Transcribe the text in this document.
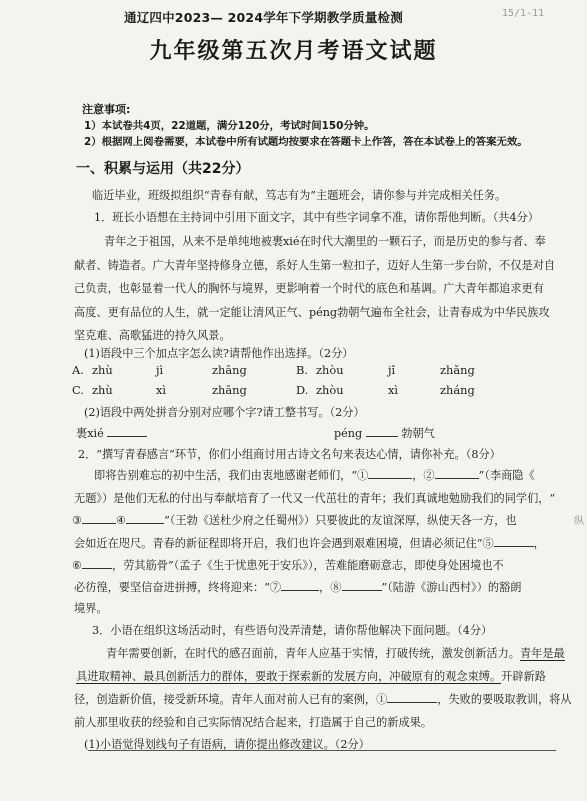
通辽四中2023— 2024学年下学期教学质量检测	15/1-11
九年级第五次月考语文试题
注意事项:
1）本试卷共4页，22道题，满分120分，考试时间150分钟。
2）根据网上阅卷需要，本试卷中所有试题均按要求在答题卡上作答，答在本试卷上的答案无效。
一、积累与运用（共22分）
临近毕业，班级拟组织“青春有献，笃志有为”主题班会，请你参与并完成相关任务。
1．班长小语想在主持词中引用下面文字，其中有些字词拿不准，请你帮他判断。（共4分）
青年之于祖国，从来不是单纯地被裹xié在时代大潮里的一颗石子，而是历史的参与者、奉
献者、铸造者。广大青年坚持修身立德，系好人生第一粒扣子，迈好人生第一步台阶，不仅是对自
己负责，也彰显着一代人的胸怀与境界，更影响着一个时代的底色和基调。广大青年都追求更有
高度、更有品位的人生，就一定能让清风正气、péng勃朝气遍布全社会，让青春成为中华民族攻
坚克难、高歌猛进的持久风景。
(1)语段中三个加点字怎么读?请帮他作出选择。（2分）
A. zhù	jì	zhāng	B. zhòu	jǐ	zhǎng
C. zhù	xì	zhāng	D. zhòu	xì	zháng
(2)语段中两处拼音分别对应哪个字?请工整书写。（2分）
裹xié	péng	勃朝气
2．“撰写青春感言”环节，你们小组商讨用古诗文名句来表达心情，请你补充。（8分）
即将告别难忘的初中生活，我们由衷地感谢老师们，“①	，②	”（李商隐《
无题》）是他们无私的付出与奉献培育了一代又一代茁壮的青年；我们真诚地勉励我们的同学们，“
③	④	”（王勃《送杜少府之任蜀州》）只要彼此的友谊深厚，纵使天各一方，也
会如近在咫尺。青春的新征程即将开启，我们也许会遇到艰难困境，但请必须记住“⑤	，
⑥	，劳其筋骨”（孟子《生于忧患死于安乐》），苦难能磨砺意志，即使身处困境也不
必彷徨，要坚信奋进拼搏，终将迎来：“⑦	，⑧	”（陆游《游山西村》）的豁朗
境界。
3．小语在组织这场活动时，有些语句没弄清楚，请你帮他解决下面问题。（4分）
青年需要创新，在时代的感召面前，青年人应基于实情，打破传统，激发创新活力。青年是最
具进取精神、最具创新活力的群体，要敢于探索新的发展方向，冲破原有的观念束缚。开辟新路
径，创造新价值，接受新环境。青年人面对前人已有的案例，①	，失败的要吸取教训，将从
前人那里收获的经验和自己实际情况结合起来，打造属于自己的新成果。
(1)小语觉得划线句子有语病，请你提出修改建议。（2分）
纵
